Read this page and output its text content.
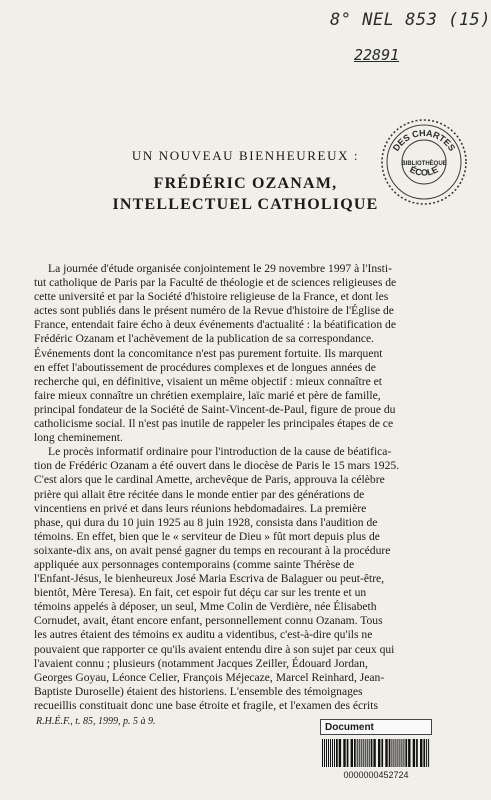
8° NEL 853 (15)
22891
DES CHARTES
BIBLIOTHÈQUE
ÉCOLE
UN NOUVEAU BIENHEUREUX :
FRÉDÉRIC OZANAM,
INTELLECTUEL CATHOLIQUE

La journée d'étude organisée conjointement le 29 novembre 1997 à l'Insti-
tut catholique de Paris par la Faculté de théologie et de sciences religieuses de
cette université et par la Société d'histoire religieuse de la France, et dont les
actes sont publiés dans le présent numéro de la Revue d'histoire de l'Église de
France, entendait faire écho à deux événements d'actualité : la béatification de
Frédéric Ozanam et l'achèvement de la publication de sa correspondance.
Événements dont la concomitance n'est pas purement fortuite. Ils marquent
en effet l'aboutissement de procédures complexes et de longues années de
recherche qui, en définitive, visaient un même objectif : mieux connaître et
faire mieux connaître un chrétien exemplaire, laïc marié et père de famille,
principal fondateur de la Société de Saint-Vincent-de-Paul, figure de proue du
catholicisme social. Il n'est pas inutile de rappeler les principales étapes de ce
long cheminement.

Le procès informatif ordinaire pour l'introduction de la cause de béatifica-
tion de Frédéric Ozanam a été ouvert dans le diocèse de Paris le 15 mars 1925.
C'est alors que le cardinal Amette, archevêque de Paris, approuva la célèbre
prière qui allait être récitée dans le monde entier par des générations de
vincentiens en privé et dans leurs réunions hebdomadaires. La première
phase, qui dura du 10 juin 1925 au 8 juin 1928, consista dans l'audition de
témoins. En effet, bien que le « serviteur de Dieu » fût mort depuis plus de
soixante-dix ans, on avait pensé gagner du temps en recourant à la procédure
appliquée aux personnages contemporains (comme sainte Thérèse de
l'Enfant-Jésus, le bienheureux José Maria Escriva de Balaguer ou peut-être,
bientôt, Mère Teresa). En fait, cet espoir fut déçu car sur les trente et un
témoins appelés à déposer, un seul, Mme Colin de Verdière, née Élisabeth
Cornudet, avait, étant encore enfant, personnellement connu Ozanam. Tous
les autres étaient des témoins ex auditu a videntibus, c'est-à-dire qu'ils ne
pouvaient que rapporter ce qu'ils avaient entendu dire à son sujet par ceux qui
l'avaient connu ; plusieurs (notamment Jacques Zeiller, Édouard Jordan,
Georges Goyau, Léonce Celier, François Méjecaze, Marcel Reinhard, Jean-
Baptiste Duroselle) étaient des historiens. L'ensemble des témoignages
recueillis constituait donc une base étroite et fragile, et l'examen des écrits

R.H.É.F., t. 85, 1999, p. 5 à 9.
Document
0000000452724
